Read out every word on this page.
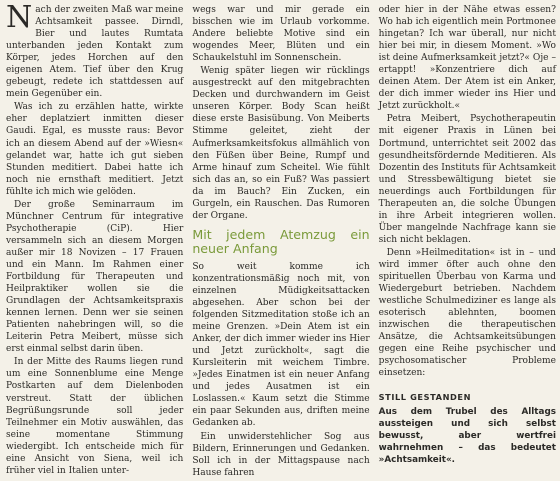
Nach der zweiten Maß war meine Achtsamkeit passee. Dirndl, Bier und lautes Rumtata unterbanden jeden Kontakt zum Körper, jedes Horchen auf den eigenen Atem. Tief über den Krug gebeugt, redete ich stattdessen auf mein Gegenüber ein.

Was ich zu erzählen hatte, wirkte eher deplatziert inmitten dieser Gaudi. Egal, es musste raus: Bevor ich an diesem Abend auf der »Wiesn« gelandet war, hatte ich gut sieben Stunden meditiert. Dabei hatte ich noch nie ernsthaft meditiert. Jetzt fühlte ich mich wie gelöden.

Der große Seminarraum im Münchner Centrum für integrative Psychotherapie (CiP). Hier versammeln sich an diesem Morgen außer mir 18 Novizen – 17 Frauen und ein Mann. Im Rahmen einer Fortbildung für Therapeuten und Heilpraktiker wollen sie die Grundlagen der Achtsamkeitspraxis kennen lernen. Denn wer sie seinen Patienten nahebringen will, so die Leiterin Petra Meibert, müsse sich erst einmal selbst darin üben.

In der Mitte des Raums liegen rund um eine Sonnenblume eine Menge Postkarten auf dem Dielenboden verstreut. Statt der üblichen Begrüßungsrunde soll jeder Teilnehmer ein Motiv auswählen, das seine momentane Stimmung wiedergibt. Ich entscheide mich für eine Ansicht von Siena, weil ich früher viel in Italien unter-

wegs war und mir gerade ein bisschen wie im Urlaub vorkomme. Andere beliebte Motive sind ein wogendes Meer, Blüten und ein Schaukelstuhl im Sonnenschein.

Wenig später liegen wir rücklings ausgestreckt auf den mitgebrachten Decken und durchwandern im Geist unseren Körper. Body Scan heißt diese erste Basisübung. Von Meiberts Stimme geleitet, zieht der Aufmerksamkeitsfokus allmählich von den Füßen über Beine, Rumpf und Arme hinauf zum Scheitel. Wie fühlt sich das an, so ein Fuß? Was passiert da im Bauch? Ein Zucken, ein Gurgeln, ein Rauschen. Das Rumoren der Organe.

Mit jedem Atemzug ein neuer Anfang

So weit komme ich konzentrationsmäßig noch mit, von einzelnen Müdigkeitsattacken abgesehen. Aber schon bei der folgenden Sitzmeditation stoße ich an meine Grenzen. »Dein Atem ist ein Anker, der dich immer wieder ins Hier und Jetzt zurückholt«, sagt die Kursleiterin mit weichem Timbre. »Jedes Einatmen ist ein neuer Anfang und jedes Ausatmen ist ein Loslassen.« Kaum setzt die Stimme ein paar Sekunden aus, driften meine Gedanken ab.

Ein unwiderstehlicher Sog aus Bildern, Erinnerungen und Gedanken. Soll ich in der Mittagspause nach Hause fahren

oder hier in der Nähe etwas essen? Wo hab ich eigentlich mein Portmonee hingetan? Ich war überall, nur nicht hier bei mir, in diesem Moment. »Wo ist deine Aufmerksamkeit jetzt?« Oje – ertappt! »Konzentriere dich auf deinen Atem. Der Atem ist ein Anker, der dich immer wieder ins Hier und Jetzt zurückholt.«

Petra Meibert, Psychotherapeutin mit eigener Praxis in Lünen bei Dortmund, unterrichtet seit 2002 das gesundheitsfördernde Meditieren. Als Dozentin des Instituts für Achtsamkeit und Stressbewältigung bietet sie neuerdings auch Fortbildungen für Therapeuten an, die solche Übungen in ihre Arbeit integrieren wollen. Über mangelnde Nachfrage kann sie sich nicht beklagen.

Denn »Heilmeditation« ist in – und wird immer öfter auch ohne den spirituellen Überbau von Karma und Wiedergeburt betrieben. Nachdem westliche Schulmediziner es lange als esoterisch ablehnten, boomen inzwischen die therapeutischen Ansätze, die Achtsamkeitsübungen gegen eine Reihe psychischer und psychosomatischer Probleme einsetzen:

STILL GESTANDEN
Aus dem Trubel des Alltags aussteigen und sich selbst bewusst, aber wertfrei wahrnehmen – das bedeutet »Achtsamkeit«.
